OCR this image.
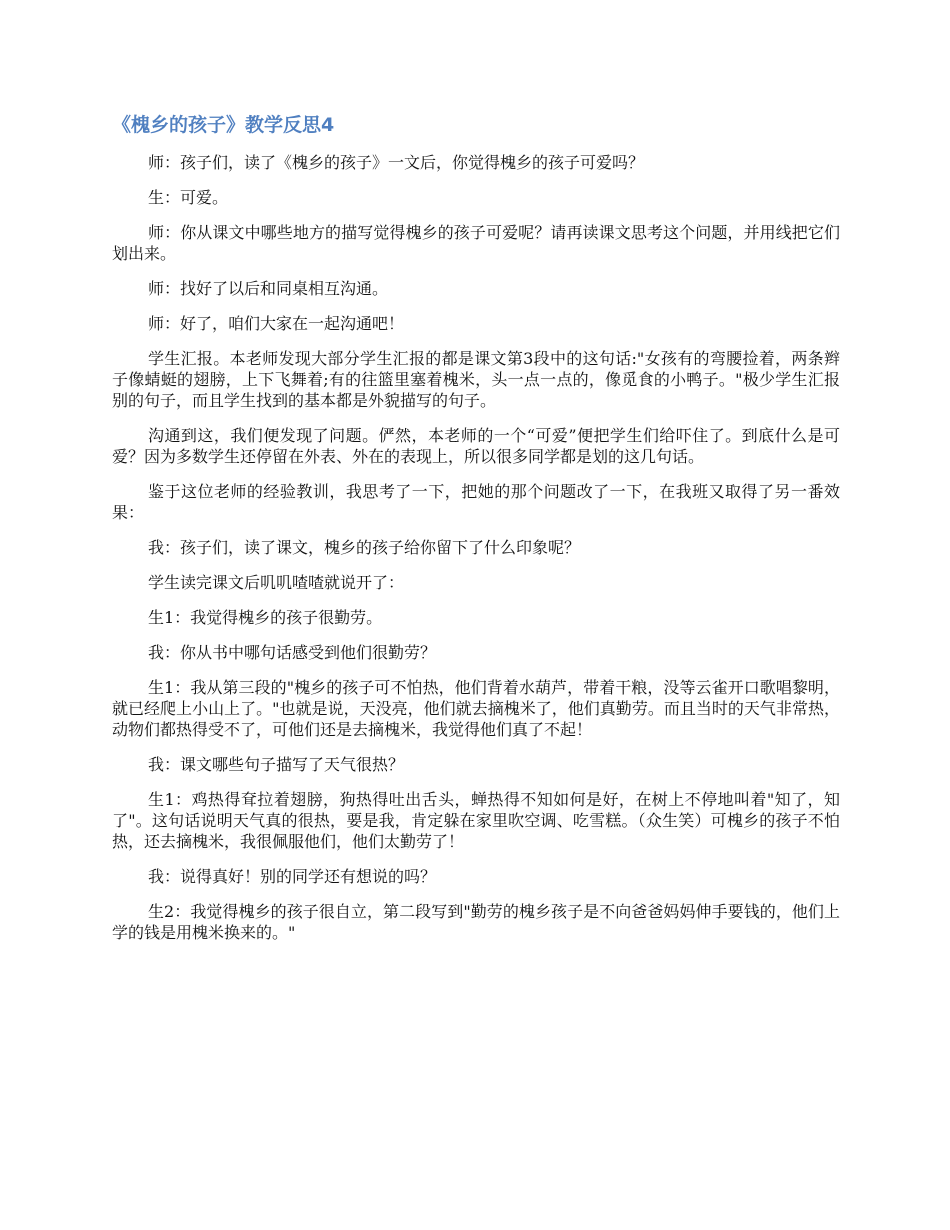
《槐乡的孩子》教学反思4

师：孩子们，读了《槐乡的孩子》一文后，你觉得槐乡的孩子可爱吗？

生：可爱。

师：你从课文中哪些地方的描写觉得槐乡的孩子可爱呢？请再读课文思考这个问题，并用线把它们划出来。

师：找好了以后和同桌相互沟通。

师：好了，咱们大家在一起沟通吧！

学生汇报。本老师发现大部分学生汇报的都是课文第3段中的这句话:"女孩有的弯腰捡着，两条辫子像蜻蜓的翅膀，上下飞舞着;有的往篮里塞着槐米，头一点一点的，像觅食的小鸭子。"极少学生汇报别的句子，而且学生找到的基本都是外貌描写的句子。

沟通到这，我们便发现了问题。俨然，本老师的一个“可爱”便把学生们给吓住了。到底什么是可爱？因为多数学生还停留在外表、外在的表现上，所以很多同学都是划的这几句话。

鉴于这位老师的经验教训，我思考了一下，把她的那个问题改了一下，在我班又取得了另一番效果：

我：孩子们，读了课文，槐乡的孩子给你留下了什么印象呢？

学生读完课文后叽叽喳喳就说开了：

生1：我觉得槐乡的孩子很勤劳。

我：你从书中哪句话感受到他们很勤劳？

生1：我从第三段的"槐乡的孩子可不怕热，他们背着水葫芦，带着干粮，没等云雀开口歌唱黎明，就已经爬上小山上了。"也就是说，天没亮，他们就去摘槐米了，他们真勤劳。而且当时的天气非常热，动物们都热得受不了，可他们还是去摘槐米，我觉得他们真了不起！

我：课文哪些句子描写了天气很热？

生1：鸡热得耷拉着翅膀，狗热得吐出舌头，蝉热得不知如何是好，在树上不停地叫着"知了，知了"。这句话说明天气真的很热，要是我，肯定躲在家里吹空调、吃雪糕。（众生笑）可槐乡的孩子不怕热，还去摘槐米，我很佩服他们，他们太勤劳了！

我：说得真好！别的同学还有想说的吗？

生2：我觉得槐乡的孩子很自立，第二段写到"勤劳的槐乡孩子是不向爸爸妈妈伸手要钱的，他们上学的钱是用槐米换来的。"
